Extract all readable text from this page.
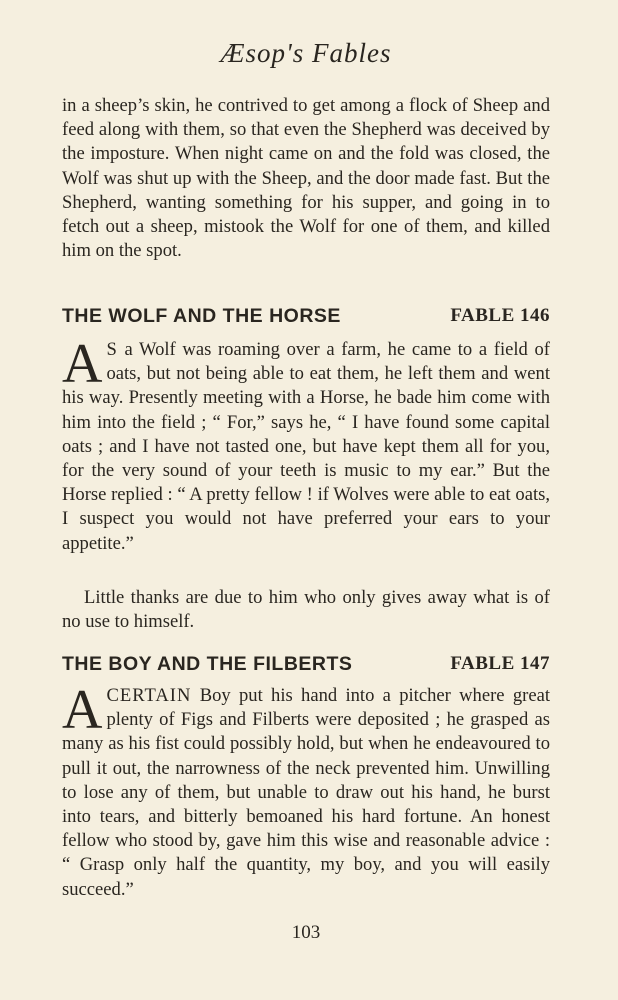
Æsop's Fables

in a sheep’s skin, he contrived to get among a flock of Sheep and feed along with them, so that even the Shepherd was deceived by the imposture. When night came on and the fold was closed, the Wolf was shut up with the Sheep, and the door made fast. But the Shepherd, wanting something for his supper, and going in to fetch out a sheep, mistook the Wolf for one of them, and killed him on the spot.

THE WOLF AND THE HORSE	FABLE 146

A S a Wolf was roaming over a farm, he came to a field of oats, but not being able to eat them, he left them and went his way. Presently meeting with a Horse, he bade him come with him into the field ; “ For,” says he, “ I have found some capital oats ; and I have not tasted one, but have kept them all for you, for the very sound of your teeth is music to my ear.” But the Horse replied : “ A pretty fellow ! if Wolves were able to eat oats, I suspect you would not have preferred your ears to your appetite.”

Little thanks are due to him who only gives away what is of no use to himself.

THE BOY AND THE FILBERTS	FABLE 147

A CERTAIN Boy put his hand into a pitcher where great plenty of Figs and Filberts were deposited ; he grasped as many as his fist could possibly hold, but when he endeavoured to pull it out, the narrowness of the neck prevented him. Unwilling to lose any of them, but unable to draw out his hand, he burst into tears, and bitterly bemoaned his hard fortune. An honest fellow who stood by, gave him this wise and reasonable advice : “ Grasp only half the quantity, my boy, and you will easily succeed.”

103
